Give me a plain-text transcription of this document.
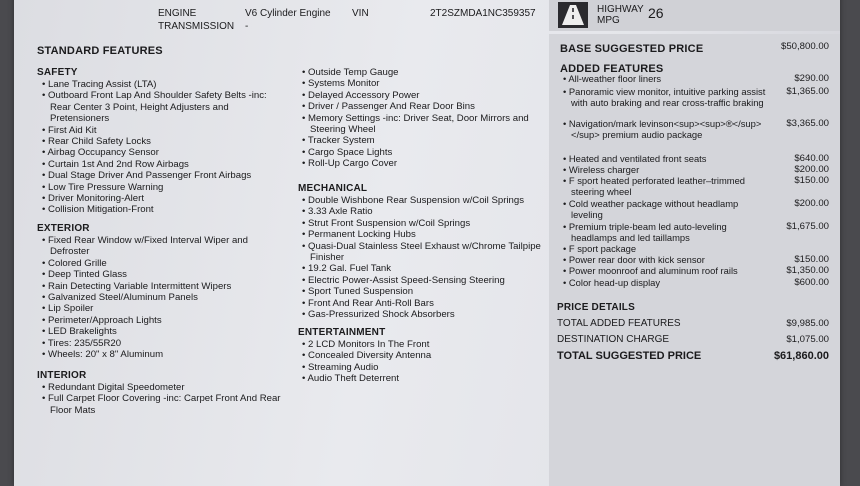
ENGINE	V6 Cylinder Engine VIN	2T2SZMDA1NC359357
TRANSMISSION -
HIGHWAY
MPG 26
STANDARD FEATURES
SAFETY
• Lane Tracing Assist (LTA)
• Outboard Front Lap And Shoulder Safety Belts -inc: Rear Center 3 Point, Height Adjusters and Pretensioners
• First Aid Kit
• Rear Child Safety Locks
• Airbag Occupancy Sensor
• Curtain 1st And 2nd Row Airbags
• Dual Stage Driver And Passenger Front Airbags
• Low Tire Pressure Warning
• Driver Monitoring-Alert
• Collision Mitigation-Front
EXTERIOR
• Fixed Rear Window w/Fixed Interval Wiper and Defroster
• Colored Grille
• Deep Tinted Glass
• Rain Detecting Variable Intermittent Wipers
• Galvanized Steel/Aluminum Panels
• Lip Spoiler
• Perimeter/Approach Lights
• LED Brakelights
• Tires: 235/55R20
• Wheels: 20" x 8" Aluminum
INTERIOR
• Redundant Digital Speedometer
• Full Carpet Floor Covering -inc: Carpet Front And Rear Floor Mats
• Outside Temp Gauge
• Systems Monitor
• Delayed Accessory Power
• Driver / Passenger And Rear Door Bins
• Memory Settings -inc: Driver Seat, Door Mirrors and Steering Wheel
• Tracker System
• Cargo Space Lights
• Roll-Up Cargo Cover
MECHANICAL
• Double Wishbone Rear Suspension w/Coil Springs
• 3.33 Axle Ratio
• Strut Front Suspension w/Coil Springs
• Permanent Locking Hubs
• Quasi-Dual Stainless Steel Exhaust w/Chrome Tailpipe Finisher
• 19.2 Gal. Fuel Tank
• Electric Power-Assist Speed-Sensing Steering
• Sport Tuned Suspension
• Front And Rear Anti-Roll Bars
• Gas-Pressurized Shock Absorbers
ENTERTAINMENT
• 2 LCD Monitors In The Front
• Concealed Diversity Antenna
• Streaming Audio
• Audio Theft Deterrent
BASE SUGGESTED PRICE	$50,800.00
ADDED FEATURES
• All-weather floor liners	$290.00
• Panoramic view monitor, intuitive parking assist with auto braking and rear cross-traffic braking
$1,365.00
• Navigation/mark levinson<sup><sup>®</sup></sup> premium audio package
$3,365.00
• Heated and ventilated front seats	$640.00
• Wireless charger	$200.00
• F sport heated perforated leather–trimmed steering wheel
$150.00
• Cold weather package without headlamp leveling
$200.00
• Premium triple-beam led auto-leveling headlamps and led taillamps
$1,675.00
• F sport package
• Power rear door with kick sensor	$150.00
• Power moonroof and aluminum roof rails	$1,350.00
• Color head-up display	$600.00
PRICE DETAILS
TOTAL ADDED FEATURES	$9,985.00
DESTINATION CHARGE	$1,075.00
TOTAL SUGGESTED PRICE	$61,860.00
